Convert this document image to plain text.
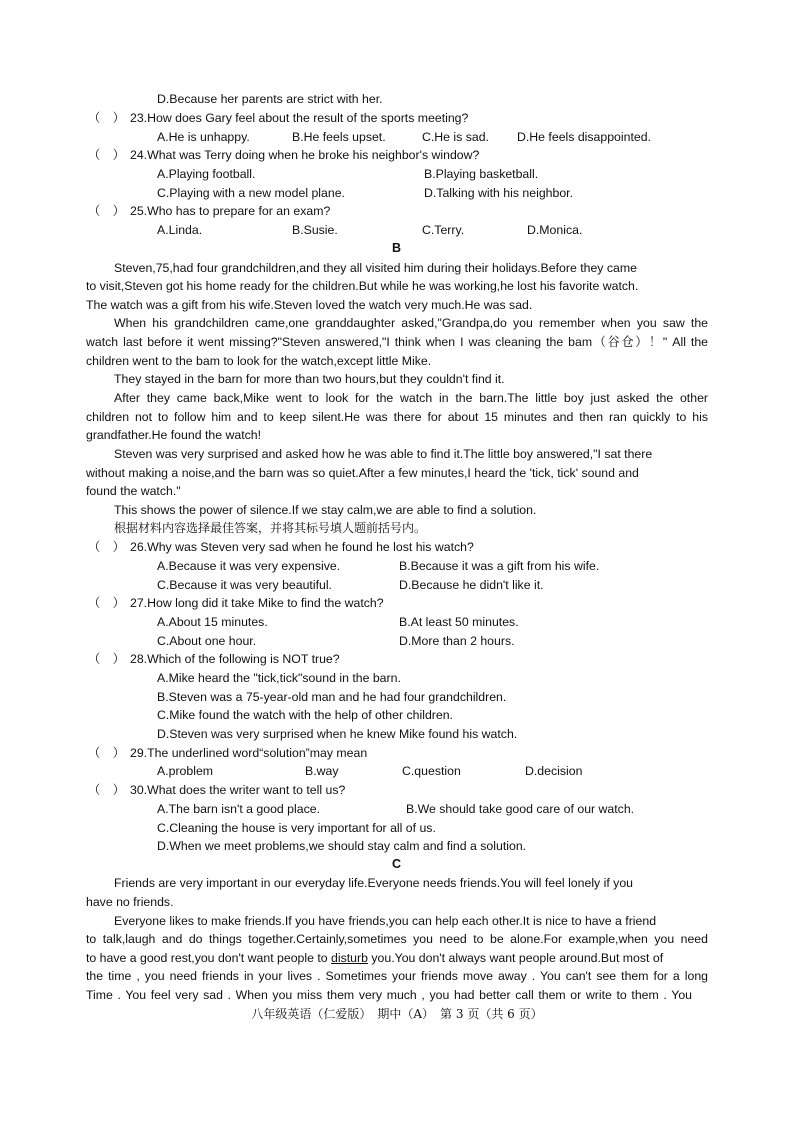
D.Because her parents are strict with her.
（　） 23.How does Gary feel about the result of the sports meeting?
A.He is unhappy.	B.He feels upset.	C.He is sad. D.He feels disappointed.
（　） 24.What was Terry doing when he broke his neighbor's window?
A.Playing football.	B.Playing basketball.
C.Playing with a new model plane.	D.Talking with his neighbor.
（　） 25.Who has to prepare for an exam?
A.Linda.	B.Susie.	C.Terry.	D.Monica.
B
Steven,75,had four grandchildren,and they all visited him during their holidays.Before they came
to visit,Steven got his home ready for the children.But while he was working,he lost his favorite watch.
The watch was a gift from his wife.Steven loved the watch very much.He was sad.
When his grandchildren came,one granddaughter asked,"Grandpa,do you remember when you saw the
watch last before it went missing?"Steven answered,"I think when I was cleaning the bam（谷仓）！" All the
children went to the bam to look for the watch,except little Mike.
They stayed in the barn for more than two hours,but they couldn't find it.
After they came back,Mike went to look for the watch in the barn.The little boy just asked the other
children not to follow him and to keep silent.He was there for about 15 minutes and then ran quickly to his
grandfather.He found the watch!
Steven was very surprised and asked how he was able to find it.The little boy answered,"I sat there
without making a noise,and the barn was so quiet.After a few minutes,I heard the 'tick, tick' sound and
found the watch."
This shows the power of silence.If we stay calm,we are able to find a solution.
根据材料内容选择最佳答案，并将其标号填人题前括号内。
（　） 26.Why was Steven very sad when he found he lost his watch?
A.Because it was very expensive.	B.Because it was a gift from his wife.
C.Because it was very beautiful.	D.Because he didn't like it.
（　） 27.How long did it take Mike to find the watch?
A.About 15 minutes.	B.At least 50 minutes.
C.About one hour.	D.More than 2 hours.
（　） 28.Which of the following is NOT true?
A.Mike heard the "tick,tick"sound in the barn.
B.Steven was a 75-year-old man and he had four grandchildren.
C.Mike found the watch with the help of other children.
D.Steven was very surprised when he knew Mike found his watch.
（　） 29.The underlined word“solution”may mean
A.problem	B.way	C.question	D.decision
（　） 30.What does the writer want to tell us?
A.The barn isn't a good place.	B.We should take good care of our watch.
C.Cleaning the house is very important for all of us.
D.When we meet problems,we should stay calm and find a solution.
C
Friends are very important in our everyday life.Everyone needs friends.You will feel lonely if you
have no friends.
Everyone likes to make friends.If you have friends,you can help each other.It is nice to have a friend
to talk,laugh and do things together.Certainly,sometimes you need to be alone.For example,when you need
to have a good rest,you don't want people to disturb you.You don't always want people around.But most of
the time , you need friends in your lives . Sometimes your friends move away . You can't see them for a long
Time . You feel very sad . When you miss them very much , you had better call them or write to them . You
八年级英语（仁爱版）　期中（A）　第 3 页（共 6 页）
